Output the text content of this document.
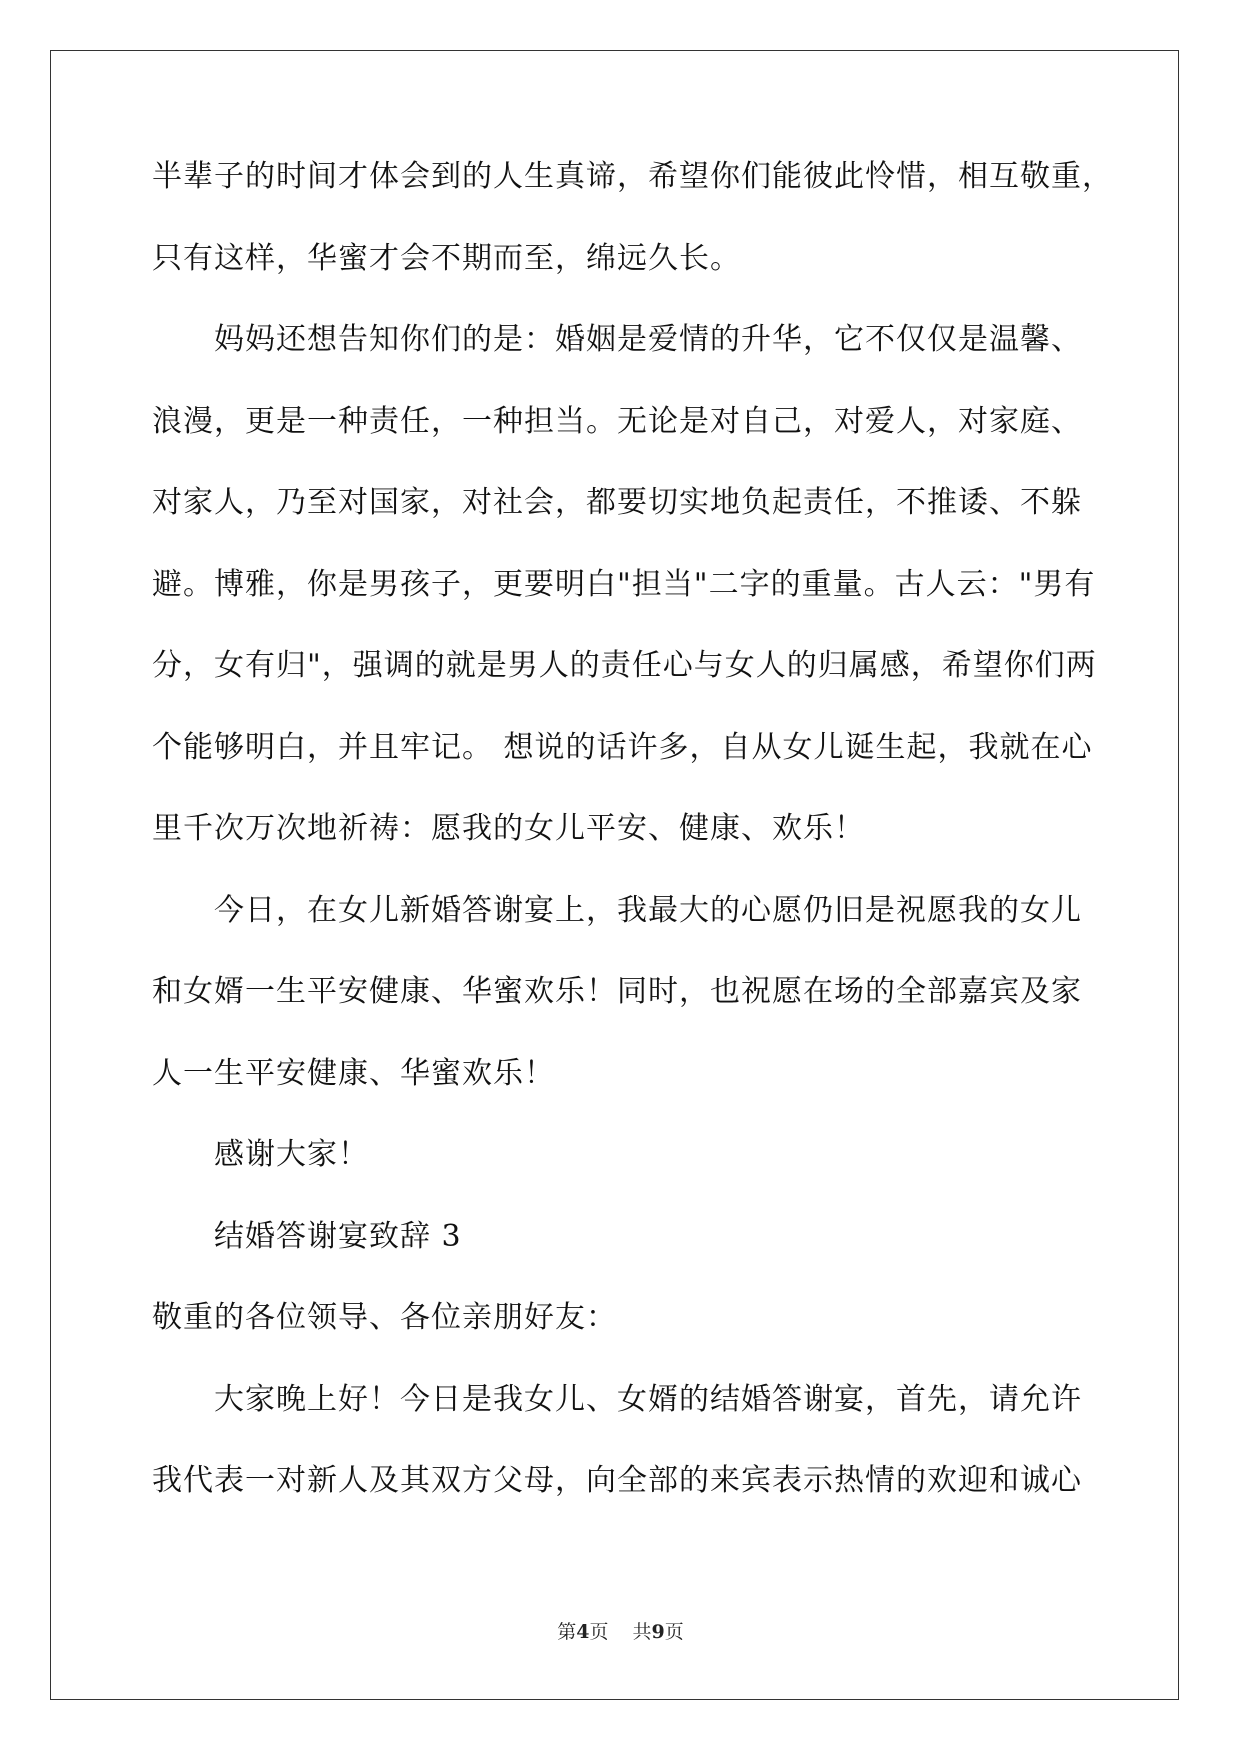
半辈子的时间才体会到的人生真谛，希望你们能彼此怜惜，相互敬重，
只有这样，华蜜才会不期而至，绵远久长。
妈妈还想告知你们的是：婚姻是爱情的升华，它不仅仅是温馨、
浪漫，更是一种责任，一种担当。无论是对自己，对爱人，对家庭、
对家人，乃至对国家，对社会，都要切实地负起责任，不推诿、不躲
避。博雅，你是男孩子，更要明白"担当"二字的重量。古人云："男有
分，女有归"，强调的就是男人的责任心与女人的归属感，希望你们两
个能够明白，并且牢记。 想说的话许多，自从女儿诞生起，我就在心
里千次万次地祈祷：愿我的女儿平安、健康、欢乐！
今日，在女儿新婚答谢宴上，我最大的心愿仍旧是祝愿我的女儿
和女婿一生平安健康、华蜜欢乐！同时，也祝愿在场的全部嘉宾及家
人一生平安健康、华蜜欢乐！
感谢大家！
结婚答谢宴致辞 3
敬重的各位领导、各位亲朋好友：
大家晚上好！今日是我女儿、女婿的结婚答谢宴，首先，请允许
我代表一对新人及其双方父母，向全部的来宾表示热情的欢迎和诚心
第4页 共9页
